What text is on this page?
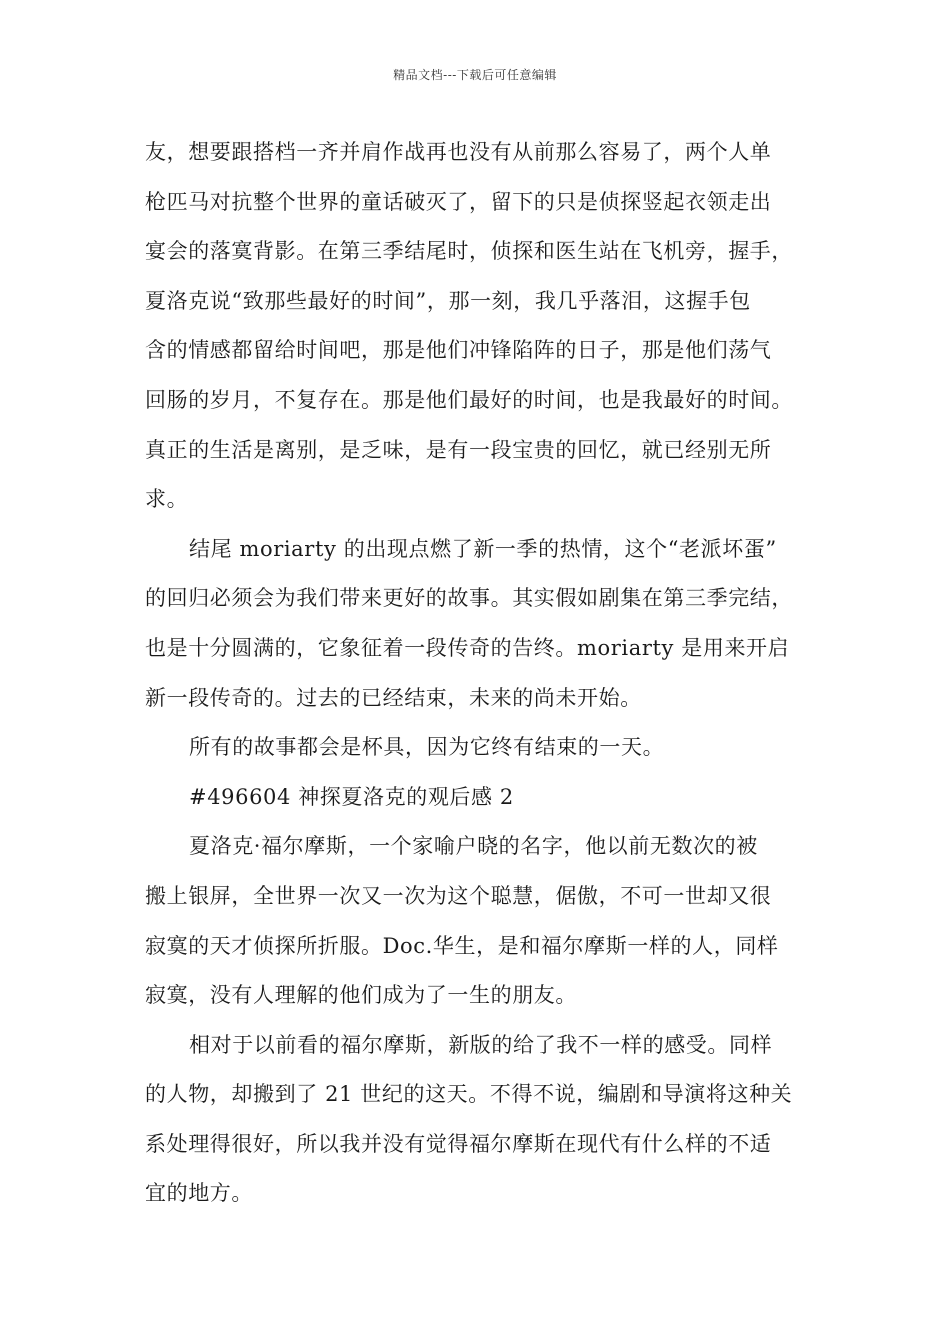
精品文档---下载后可任意编辑
友，想要跟搭档一齐并肩作战再也没有从前那么容易了，两个人单
枪匹马对抗整个世界的童话破灭了，留下的只是侦探竖起衣领走出
宴会的落寞背影。在第三季结尾时，侦探和医生站在飞机旁，握手，
夏洛克说“致那些最好的时间”，那一刻，我几乎落泪，这握手包
含的情感都留给时间吧，那是他们冲锋陷阵的日子，那是他们荡气
回肠的岁月，不复存在。那是他们最好的时间，也是我最好的时间。
真正的生活是离别，是乏味，是有一段宝贵的回忆，就已经别无所
求。
结尾 moriarty 的出现点燃了新一季的热情，这个“老派坏蛋”
的回归必须会为我们带来更好的故事。其实假如剧集在第三季完结，
也是十分圆满的，它象征着一段传奇的告终。moriarty 是用来开启
新一段传奇的。过去的已经结束，未来的尚未开始。
所有的故事都会是杯具，因为它终有结束的一天。
#496604 神探夏洛克的观后感 2
夏洛克·福尔摩斯，一个家喻户晓的名字，他以前无数次的被
搬上银屏，全世界一次又一次为这个聪慧，倨傲，不可一世却又很
寂寞的天才侦探所折服。Doc.华生，是和福尔摩斯一样的人，同样
寂寞，没有人理解的他们成为了一生的朋友。
相对于以前看的福尔摩斯，新版的给了我不一样的感受。同样
的人物，却搬到了 21 世纪的这天。不得不说，编剧和导演将这种关
系处理得很好，所以我并没有觉得福尔摩斯在现代有什么样的不适
宜的地方。
